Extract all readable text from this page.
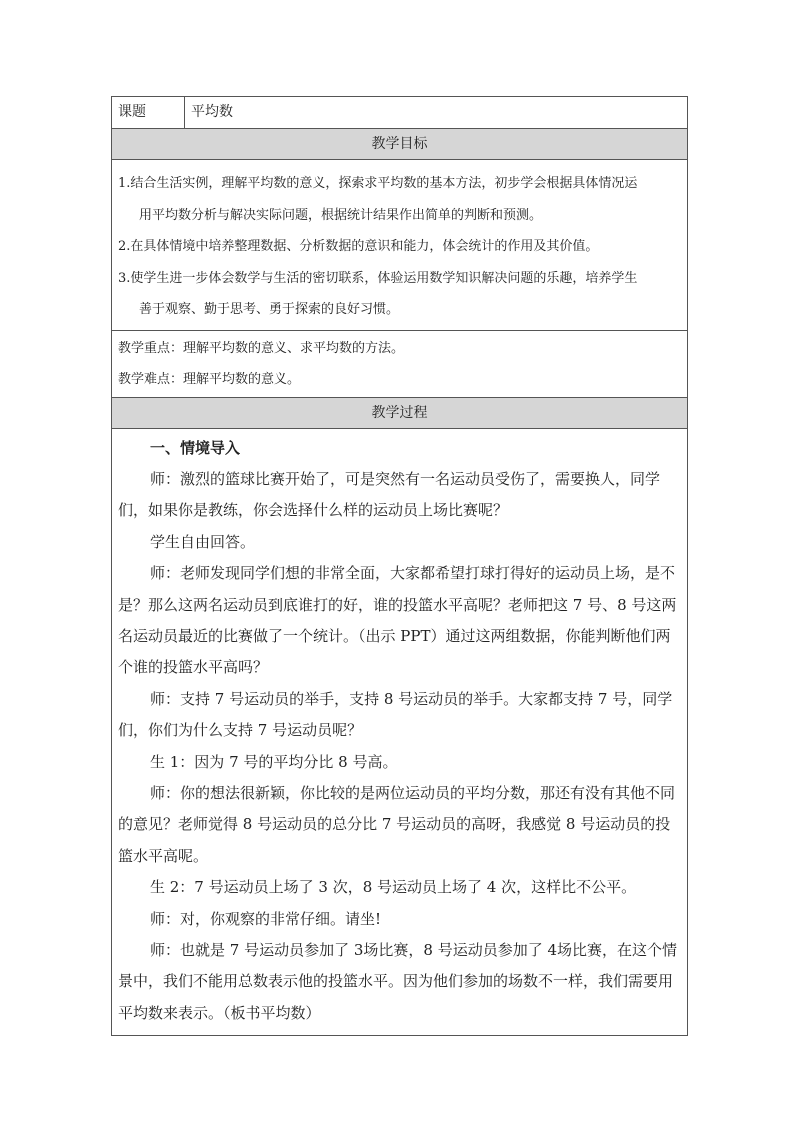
课题	平均数
教学目标

1.结合生活实例，理解平均数的意义，探索求平均数的基本方法，初步学会根据具体情况运

用平均数分析与解决实际问题，根据统计结果作出简单的判断和预测。

2.在具体情境中培养整理数据、分析数据的意识和能力，体会统计的作用及其价值。

3.使学生进一步体会数学与生活的密切联系，体验运用数学知识解决问题的乐趣，培养学生

善于观察、勤于思考、勇于探索的良好习惯。

教学重点：理解平均数的意义、求平均数的方法。

教学难点：理解平均数的意义。

教学过程

一、情境导入

师：激烈的篮球比赛开始了，可是突然有一名运动员受伤了，需要换人，同学们，如果你是教练，你会选择什么样的运动员上场比赛呢？

学生自由回答。

师：老师发现同学们想的非常全面，大家都希望打球打得好的运动员上场，是不是？那么这两名运动员到底谁打的好，谁的投篮水平高呢？老师把这 7 号、8 号这两名运动员最近的比赛做了一个统计。（出示 PPT）通过这两组数据，你能判断他们两个谁的投篮水平高吗？

师：支持 7 号运动员的举手，支持 8 号运动员的举手。大家都支持 7 号，同学们，你们为什么支持 7 号运动员呢？

生 1：因为 7 号的平均分比 8 号高。

师：你的想法很新颖，你比较的是两位运动员的平均分数，那还有没有其他不同的意见？老师觉得 8 号运动员的总分比 7 号运动员的高呀，我感觉 8 号运动员的投篮水平高呢。

生 2：7 号运动员上场了 3 次，8 号运动员上场了 4 次，这样比不公平。

师：对，你观察的非常仔细。请坐!

师：也就是 7 号运动员参加了 3场比赛，8 号运动员参加了 4场比赛，在这个情景中，我们不能用总数表示他的投篮水平。因为他们参加的场数不一样，我们需要用平均数来表示。（板书平均数）
